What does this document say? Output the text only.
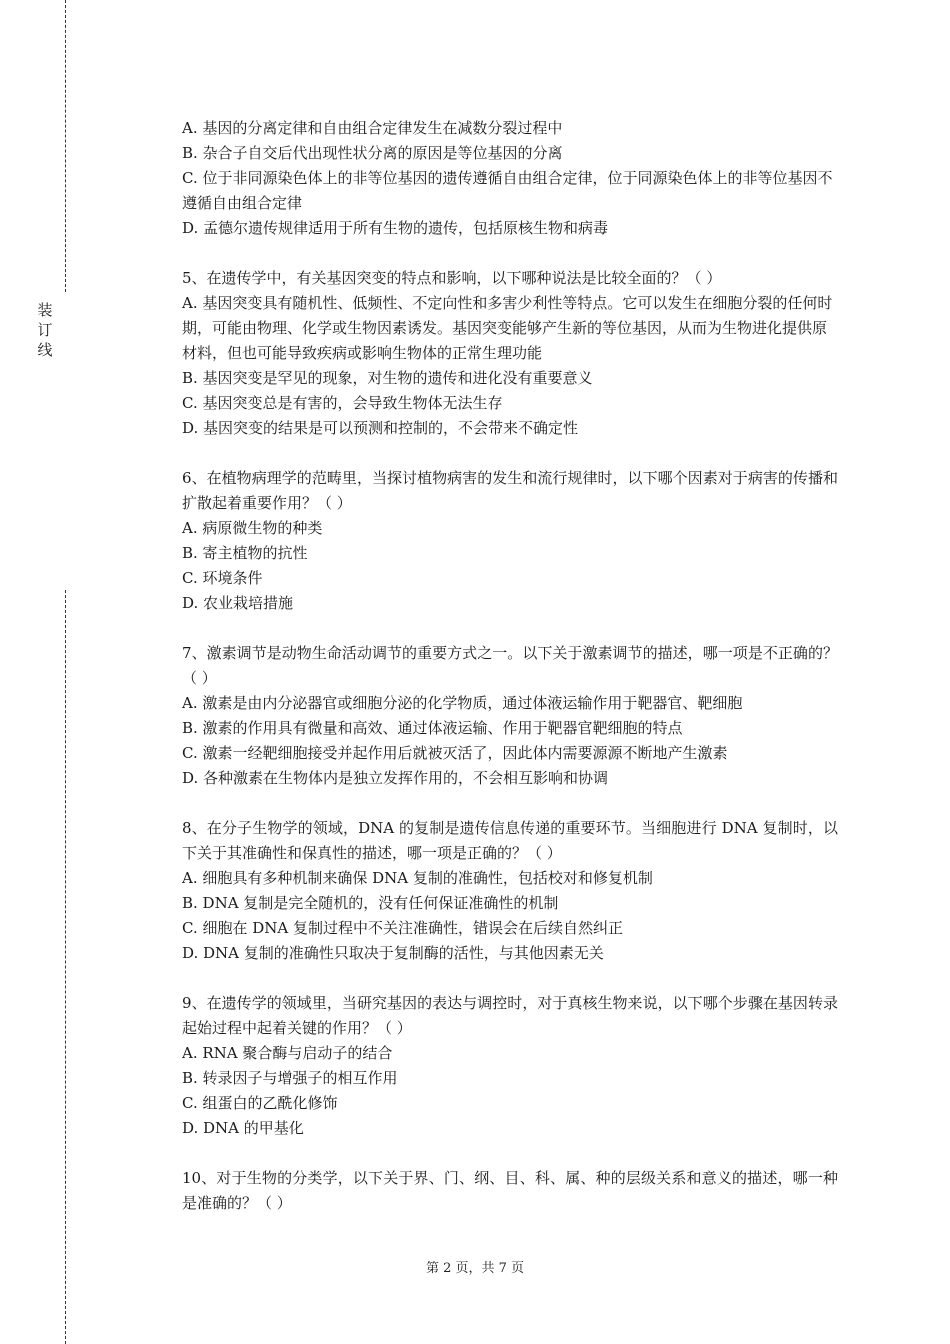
装
订
线

A. 基因的分离定律和自由组合定律发生在减数分裂过程中

B. 杂合子自交后代出现性状分离的原因是等位基因的分离

C. 位于非同源染色体上的非等位基因的遗传遵循自由组合定律，位于同源染色体上的非等位基因不遵循自由组合定律

D. 孟德尔遗传规律适用于所有生物的遗传，包括原核生物和病毒

5、在遗传学中，有关基因突变的特点和影响，以下哪种说法是比较全面的？（ ）

A. 基因突变具有随机性、低频性、不定向性和多害少利性等特点。它可以发生在细胞分裂的任何时期，可能由物理、化学或生物因素诱发。基因突变能够产生新的等位基因，从而为生物进化提供原材料，但也可能导致疾病或影响生物体的正常生理功能

B. 基因突变是罕见的现象，对生物的遗传和进化没有重要意义

C. 基因突变总是有害的，会导致生物体无法生存

D. 基因突变的结果是可以预测和控制的，不会带来不确定性

6、在植物病理学的范畴里，当探讨植物病害的发生和流行规律时，以下哪个因素对于病害的传播和扩散起着重要作用？（ ）

A. 病原微生物的种类

B. 寄主植物的抗性

C. 环境条件

D. 农业栽培措施

7、激素调节是动物生命活动调节的重要方式之一。以下关于激素调节的描述，哪一项是不正确的？（ ）

A. 激素是由内分泌器官或细胞分泌的化学物质，通过体液运输作用于靶器官、靶细胞

B. 激素的作用具有微量和高效、通过体液运输、作用于靶器官靶细胞的特点

C. 激素一经靶细胞接受并起作用后就被灭活了，因此体内需要源源不断地产生激素

D. 各种激素在生物体内是独立发挥作用的，不会相互影响和协调

8、在分子生物学的领域，DNA 的复制是遗传信息传递的重要环节。当细胞进行 DNA 复制时，以下关于其准确性和保真性的描述，哪一项是正确的？（ ）

A. 细胞具有多种机制来确保 DNA 复制的准确性，包括校对和修复机制

B. DNA 复制是完全随机的，没有任何保证准确性的机制

C. 细胞在 DNA 复制过程中不关注准确性，错误会在后续自然纠正

D. DNA 复制的准确性只取决于复制酶的活性，与其他因素无关

9、在遗传学的领域里，当研究基因的表达与调控时，对于真核生物来说，以下哪个步骤在基因转录起始过程中起着关键的作用？（ ）

A. RNA 聚合酶与启动子的结合

B. 转录因子与增强子的相互作用

C. 组蛋白的乙酰化修饰

D. DNA 的甲基化

10、对于生物的分类学，以下关于界、门、纲、目、科、属、种的层级关系和意义的描述，哪一种是准确的？（ ）

第 2 页，共 7 页
